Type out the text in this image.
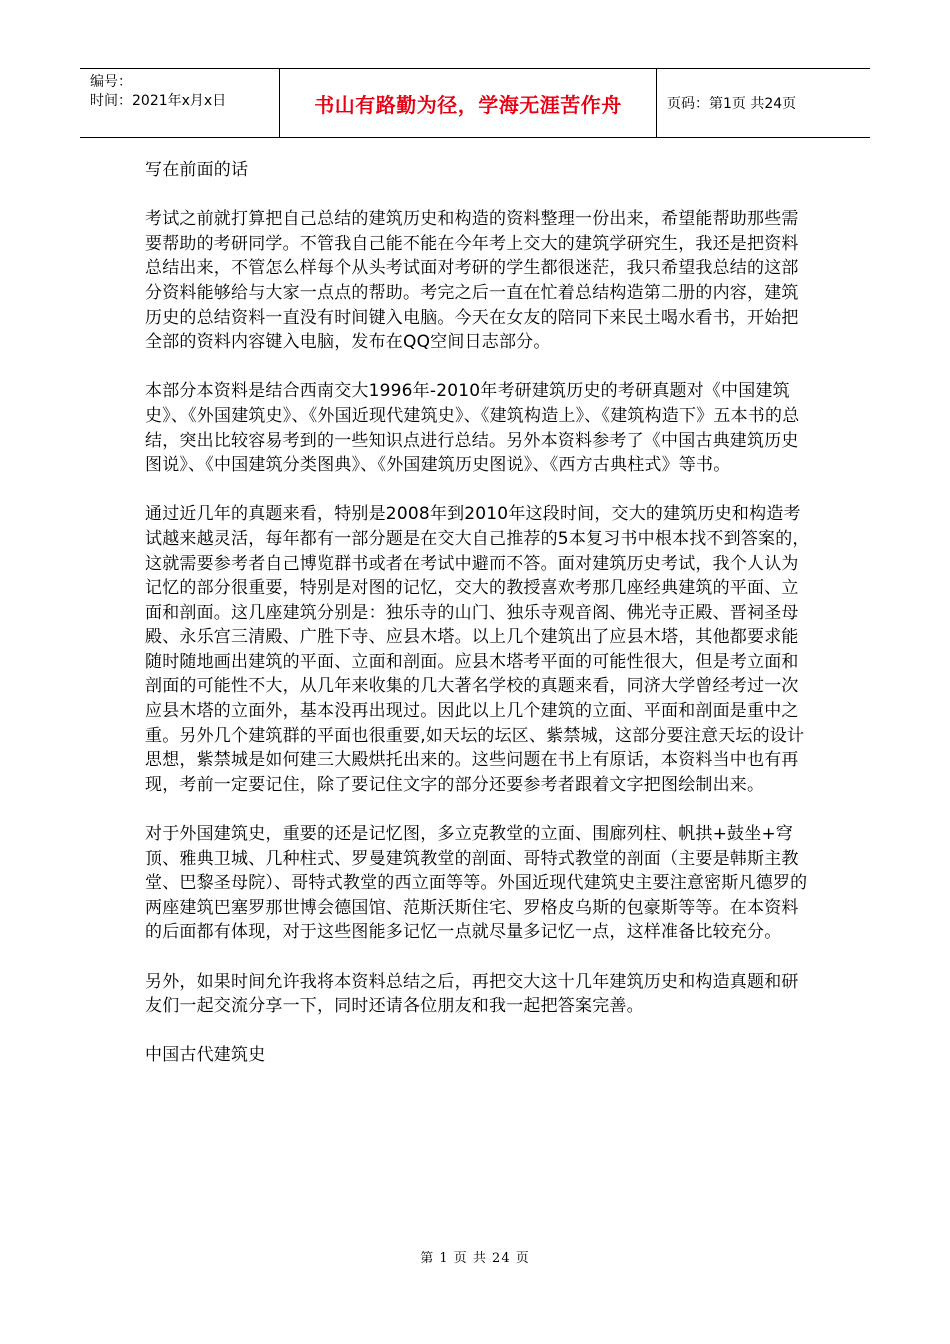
编号：
时间：2021年x月x日	书山有路勤为径，学海无涯苦作舟	页码：第1页 共24页

写在前面的话

考试之前就打算把自己总结的建筑历史和构造的资料整理一份出来，希望能帮助那些需要帮助的考研同学。不管我自己能不能在今年考上交大的建筑学研究生，我还是把资料总结出来，不管怎么样每个从头考试面对考研的学生都很迷茫，我只希望我总结的这部分资料能够给与大家一点点的帮助。考完之后一直在忙着总结构造第二册的内容，建筑历史的总结资料一直没有时间键入电脑。今天在女友的陪同下来民土喝水看书，开始把全部的资料内容键入电脑，发布在QQ空间日志部分。

本部分本资料是结合西南交大1996年-2010年考研建筑历史的考研真题对《中国建筑史》、《外国建筑史》、《外国近现代建筑史》、《建筑构造上》、《建筑构造下》五本书的总结，突出比较容易考到的一些知识点进行总结。另外本资料参考了《中国古典建筑历史图说》、《中国建筑分类图典》、《外国建筑历史图说》、《西方古典柱式》等书。

通过近几年的真题来看，特别是2008年到2010年这段时间，交大的建筑历史和构造考试越来越灵活，每年都有一部分题是在交大自己推荐的5本复习书中根本找不到答案的，这就需要参考者自己博览群书或者在考试中避而不答。面对建筑历史考试，我个人认为记忆的部分很重要，特别是对图的记忆，交大的教授喜欢考那几座经典建筑的平面、立面和剖面。这几座建筑分别是：独乐寺的山门、独乐寺观音阁、佛光寺正殿、晋祠圣母殿、永乐宫三清殿、广胜下寺、应县木塔。以上几个建筑出了应县木塔，其他都要求能随时随地画出建筑的平面、立面和剖面。应县木塔考平面的可能性很大，但是考立面和剖面的可能性不大，从几年来收集的几大著名学校的真题来看，同济大学曾经考过一次应县木塔的立面外，基本没再出现过。因此以上几个建筑的立面、平面和剖面是重中之重。另外几个建筑群的平面也很重要,如天坛的坛区、紫禁城，这部分要注意天坛的设计思想，紫禁城是如何建三大殿烘托出来的。这些问题在书上有原话，本资料当中也有再现，考前一定要记住，除了要记住文字的部分还要参考者跟着文字把图绘制出来。

对于外国建筑史，重要的还是记忆图，多立克教堂的立面、围廊列柱、帆拱+鼓坐+穹顶、雅典卫城、几种柱式、罗曼建筑教堂的剖面、哥特式教堂的剖面（主要是韩斯主教堂、巴黎圣母院）、哥特式教堂的西立面等等。外国近现代建筑史主要注意密斯凡德罗的两座建筑巴塞罗那世博会德国馆、范斯沃斯住宅、罗格皮乌斯的包豪斯等等。在本资料的后面都有体现，对于这些图能多记忆一点就尽量多记忆一点，这样准备比较充分。

另外，如果时间允许我将本资料总结之后，再把交大这十几年建筑历史和构造真题和研友们一起交流分享一下，同时还请各位朋友和我一起把答案完善。

中国古代建筑史

第 1 页 共 24 页
